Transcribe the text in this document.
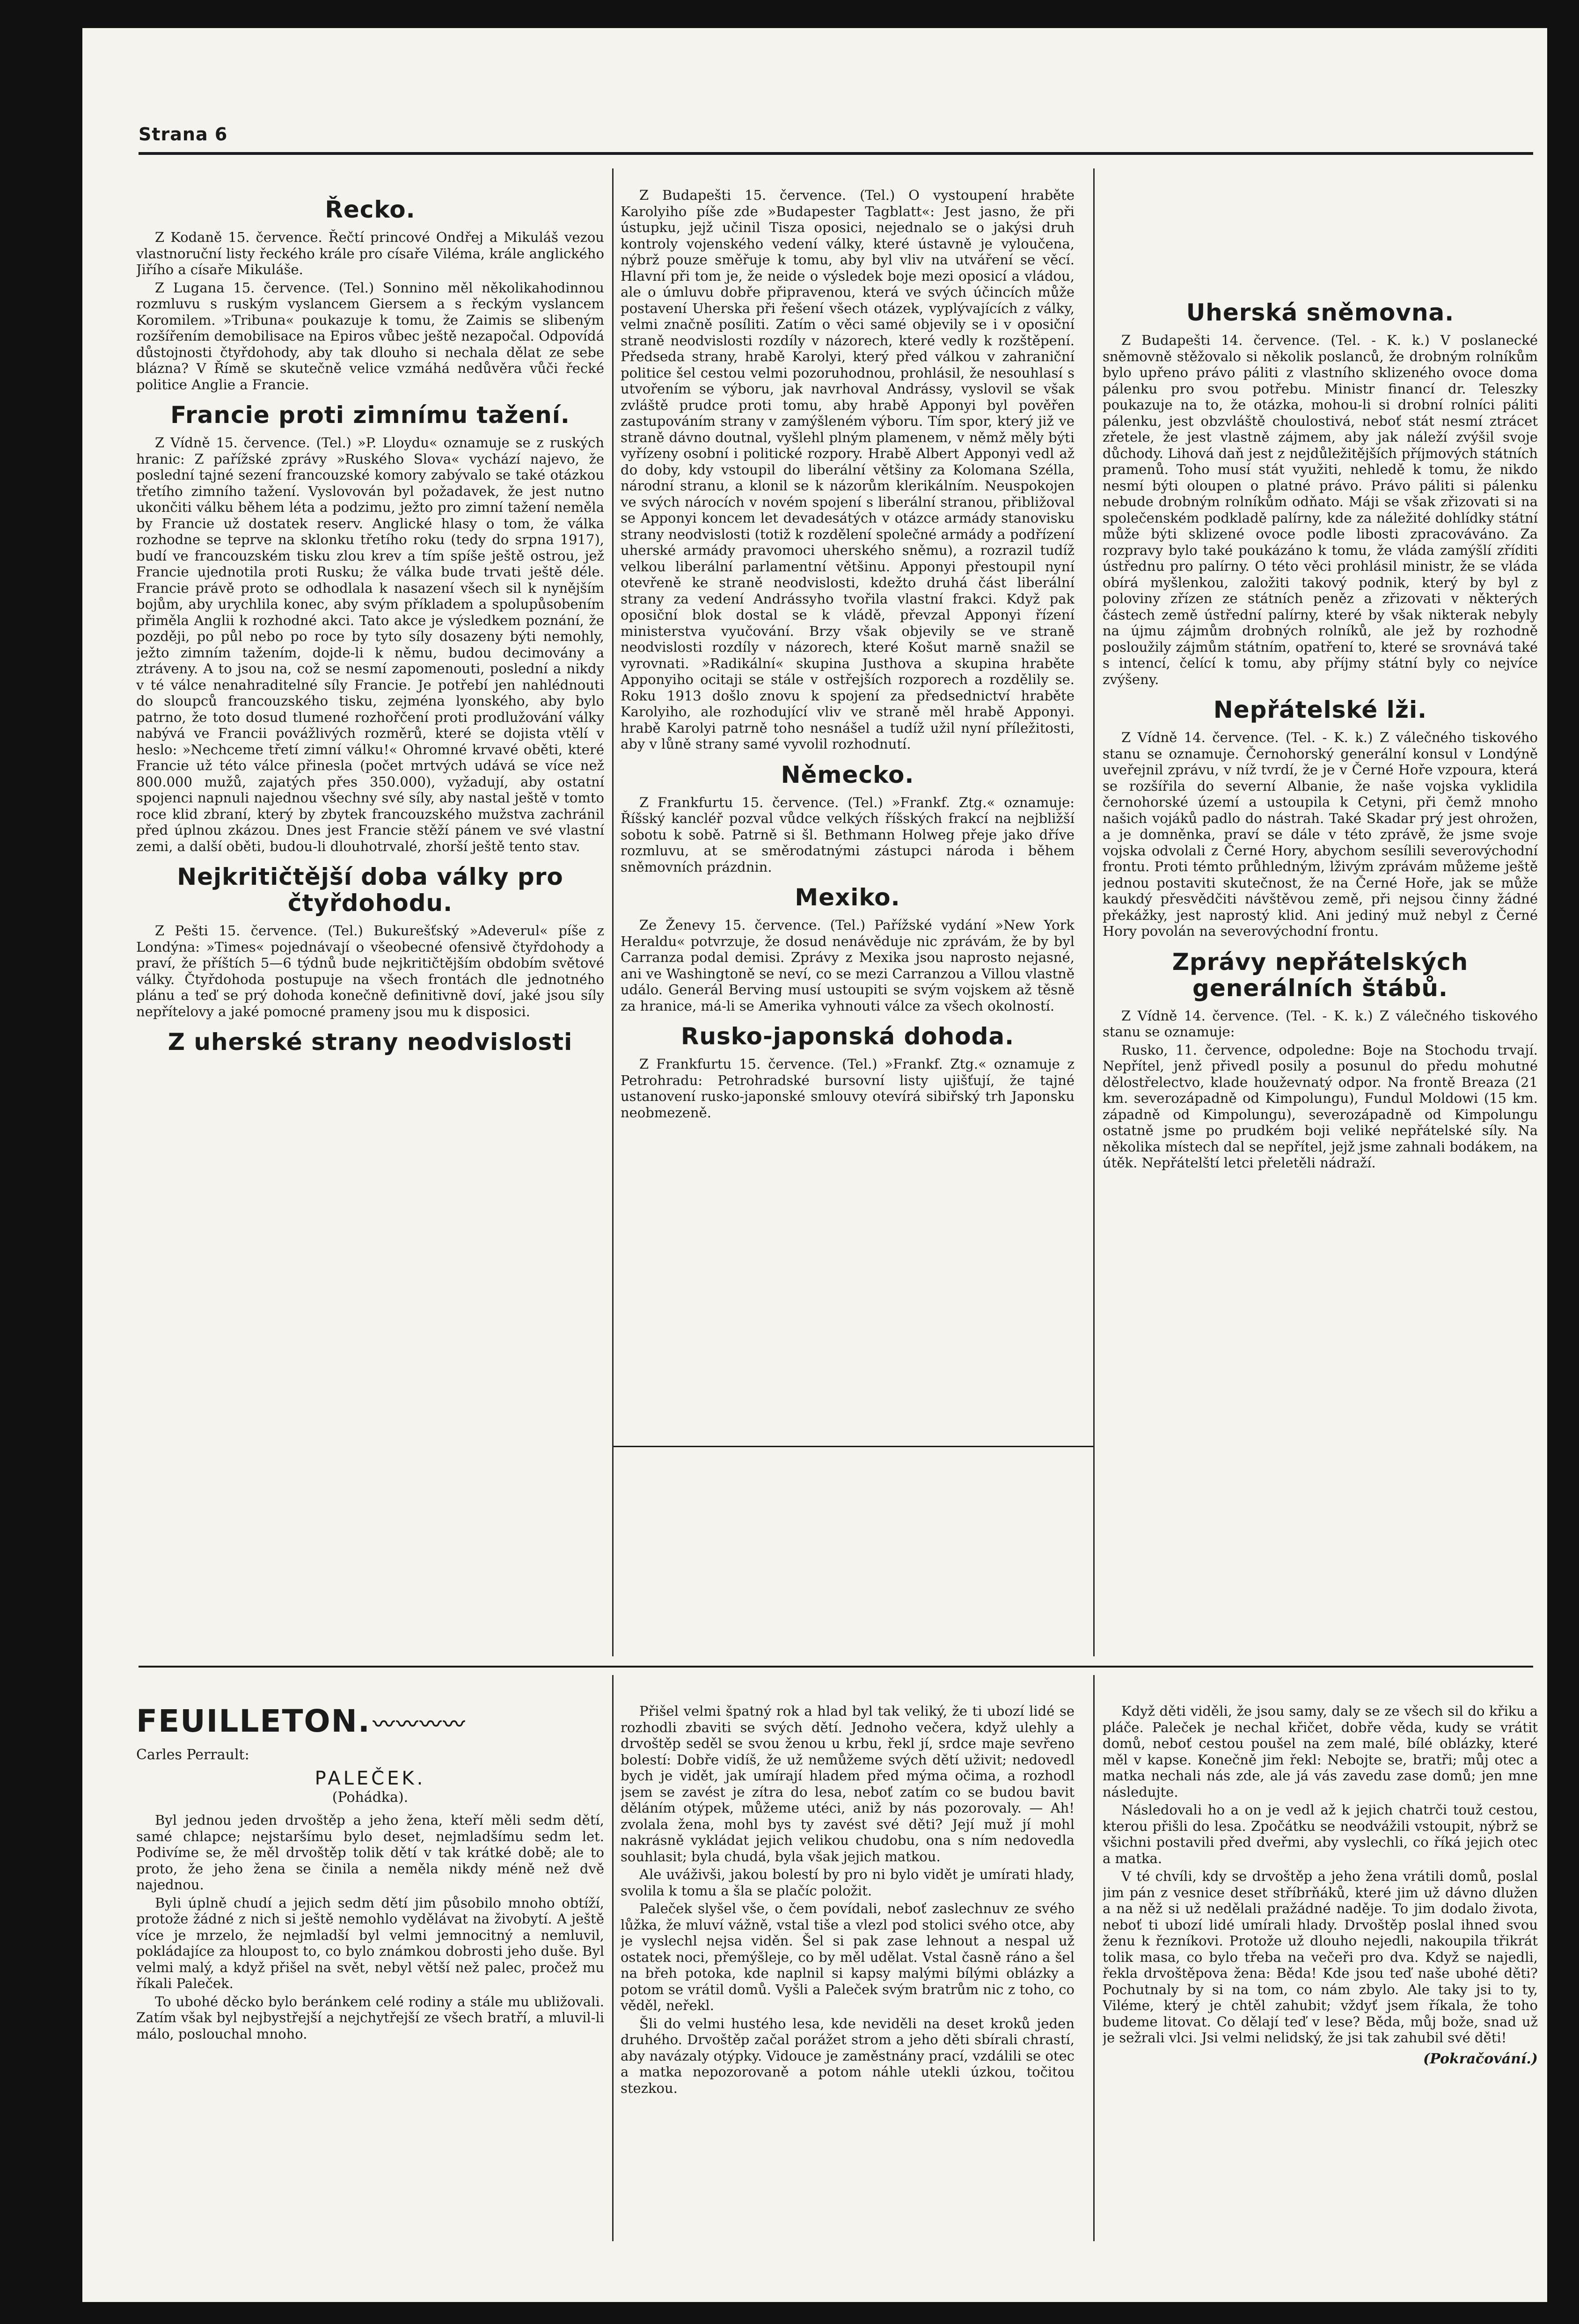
Strana 6
Řecko.

Z Kodaně 15. července. Řečtí princové Ondřej a Mikuláš vezou vlastnoruční listy řeckého krále pro císaře Viléma, krále anglického Jiřího a císaře Mikuláše.

Z Lugana 15. července. (Tel.) Sonnino měl několikahodinnou rozmluvu s ruským vyslancem Giersem a s řeckým vyslancem Koromilem. »Tribuna« poukazuje k tomu, že Zaimis se slibeným rozšířením demobilisace na Epiros vůbec ještě nezapočal. Odpovídá důstojnosti čtyřdohody, aby tak dlouho si nechala dělat ze sebe blázna? V Římě se skutečně velice vzmáhá nedůvěra vůči řecké politice Anglie a Francie.

Francie proti zimnímu tažení.

Z Vídně 15. července. (Tel.) »P. Lloydu« oznamuje se z ruských hranic: Z pařížské zprávy »Ruského Slova« vychází najevo, že poslední tajné sezení francouzské komory zabývalo se také otázkou třetího zimního tažení. Vyslovován byl požadavek, že jest nutno ukončiti válku během léta a podzimu, ježto pro zimní tažení neměla by Francie už dostatek reserv. Anglické hlasy o tom, že válka rozhodne se teprve na sklonku třetího roku (tedy do srpna 1917), budí ve francouzském tisku zlou krev a tím spíše ještě ostrou, jež Francie ujednotila proti Rusku; že válka bude trvati ještě déle. Francie právě proto se odhodlala k nasazení všech sil k nynějším bojům, aby urychlila konec, aby svým příkladem a spolupůsobením přiměla Anglii k rozhodné akci. Tato akce je výsledkem poznání, že později, po půl nebo po roce by tyto síly dosazeny býti nemohly, ježto zimním tažením, dojde-li k němu, budou decimovány a ztráveny. A to jsou na, což se nesmí zapomenouti, poslední a nikdy v té válce nenahraditelné síly Francie. Je potřebí jen nahlédnouti do sloupců francouzského tisku, zejména lyonského, aby bylo patrno, že toto dosud tlumené rozhořčení proti prodlužování války nabývá ve Francii povážlivých rozměrů, které se dojista vtělí v heslo: »Nechceme třetí zimní válku!« Ohromné krvavé oběti, které Francie už této válce přinesla (počet mrtvých udává se více než 800.000 mužů, zajatých přes 350.000), vyžadují, aby ostatní spojenci napnuli najednou všechny své síly, aby nastal ještě v tomto roce klid zbraní, který by zbytek francouzského mužstva zachránil před úplnou zkázou. Dnes jest Francie stěží pánem ve své vlastní zemi, a další oběti, budou-li dlouhotrvalé, zhorší ještě tento stav.

Nejkritičtější doba války pro čtyřdohodu.

Z Pešti 15. července. (Tel.) Bukurešťský »Adeverul« píše z Londýna: »Times« pojednávají o všeobecné ofensivě čtyřdohody a praví, že příštích 5—6 týdnů bude nejkritičtějším obdobím světové války. Čtyřdohoda postupuje na všech frontách dle jednotného plánu a teď se prý dohoda konečně definitivně doví, jaké jsou síly nepřítelovy a jaké pomocné prameny jsou mu k disposici.

Z uherské strany neodvislosti

Z Budapešti 15. července. (Tel.) O vystoupení hraběte Karolyiho píše zde »Budapester Tagblatt«: Jest jasno, že při ústupku, jejž učinil Tisza oposici, nejednalo se o jakýsi druh kontroly vojenského vedení války, které ústavně je vyloučena, nýbrž pouze směřuje k tomu, aby byl vliv na utváření se věcí. Hlavní při tom je, že neide o výsledek boje mezi oposicí a vládou, ale o úmluvu dobře připravenou, která ve svých účincích může postavení Uherska při řešení všech otázek, vyplývajících z války, velmi značně posíliti. Zatím o věci samé objevily se i v oposiční straně neodvislosti rozdíly v názorech, které vedly k rozštěpení. Předseda strany, hrabě Karolyi, který před válkou v zahraniční politice šel cestou velmi pozoruhodnou, prohlásil, že nesouhlasí s utvořením se výboru, jak navrhoval Andrássy, vyslovil se však zvláště prudce proti tomu, aby hrabě Apponyi byl pověřen zastupováním strany v zamýšleném výboru. Tím spor, který již ve straně dávno doutnal, vyšlehl plným plamenem, v němž měly býti vyřízeny osobní i politické rozpory. Hrabě Albert Apponyi vedl až do doby, kdy vstoupil do liberální většiny za Kolomana Szélla, národní stranu, a klonil se k názorům klerikálním. Neuspokojen ve svých nárocích v novém spojení s liberální stranou, přibližoval se Apponyi koncem let devadesátých v otázce armády stanovisku strany neodvislosti (totiž k rozdělení společné armády a podřízení uherské armády pravomoci uherského sněmu), a rozrazil tudíž velkou liberální parlamentní většinu. Apponyi přestoupil nyní otevřeně ke straně neodvislosti, kdežto druhá část liberální strany za vedení Andrássyho tvořila vlastní frakci. Když pak oposiční blok dostal se k vládě, převzal Apponyi řízení ministerstva vyučování. Brzy však objevily se ve straně neodvislosti rozdíly v názorech, které Košut marně snažil se vyrovnati. »Radikální« skupina Justhova a skupina hraběte Apponyiho ocitaji se stále v ostřejších rozporech a rozdělily se. Roku 1913 došlo znovu k spojení za předsednictví hraběte Karolyiho, ale rozhodující vliv ve straně měl hrabě Apponyi. hrabě Karolyi patrně toho nesnášel a tudíž užil nyní příležitosti, aby v lůně strany samé vyvolil rozhodnutí.

Německo.

Z Frankfurtu 15. července. (Tel.) »Frankf. Ztg.« oznamuje: Říšský kancléř pozval vůdce velkých říšských frakcí na nejbližší sobotu k sobě. Patrně si šl. Bethmann Holweg přeje jako dříve rozmluvu, at se směrodatnými zástupci národa i během sněmovních prázdnin.

Mexiko.

Ze Ženevy 15. července. (Tel.) Pařížské vydání »New York Heraldu« potvrzuje, že dosud nenávěduje nic zprávám, že by byl Carranza podal demisi. Zprávy z Mexika jsou naprosto nejasné, ani ve Washingtoně se neví, co se mezi Carranzou a Villou vlastně událo. Generál Berving musí ustoupiti se svým vojskem až těsně za hranice, má-li se Amerika vyhnouti válce za všech okolností.

Rusko-japonská dohoda.

Z Frankfurtu 15. července. (Tel.) »Frankf. Ztg.« oznamuje z Petrohradu: Petrohradské bursovní listy ujišťují, že tajné ustanovení rusko-japonské smlouvy otevírá sibiřský trh Japonsku neobmezeně.

Uherská sněmovna.

Z Budapešti 14. července. (Tel. - K. k.) V poslanecké sněmovně stěžovalo si několik poslanců, že drobným rolníkům bylo upřeno právo páliti z vlastního sklizeného ovoce doma pálenku pro svou potřebu. Ministr financí dr. Teleszky poukazuje na to, že otázka, mohou-li si drobní rolníci páliti pálenku, jest obzvláště choulostivá, neboť stát nesmí ztrácet zřetele, že jest vlastně zájmem, aby jak náleží zvýšil svoje důchody. Lihová daň jest z nejdůležitějších příjmových státních pramenů. Toho musí stát využiti, nehledě k tomu, že nikdo nesmí býti oloupen o platné právo. Právo páliti si pálenku nebude drobným rolníkům odňato. Máji se však zřizovati si na společenském podkladě palírny, kde za náležité dohlídky státní může býti sklizené ovoce podle libosti zpracováváno. Za rozpravy bylo také poukázáno k tomu, že vláda zamýšlí zříditi ústřednu pro palírny. O této věci prohlásil ministr, že se vláda obírá myšlenkou, založiti takový podnik, který by byl z poloviny zřízen ze státních peněz a zřizovati v některých částech země ústřední palírny, které by však nikterak nebyly na újmu zájmům drobných rolníků, ale jež by rozhodně posloužily zájmům státním, opatření to, které se srovnává také s intencí, čelící k tomu, aby příjmy státní byly co nejvíce zvýšeny.

Nepřátelské lži.

Z Vídně 14. července. (Tel. - K. k.) Z válečného tiskového stanu se oznamuje. Černohorský generální konsul v Londýně uveřejnil zprávu, v níž tvrdí, že je v Černé Hoře vzpoura, která se rozšířila do severní Albanie, že naše vojska vyklidila černohorské území a ustoupila k Cetyni, při čemž mnoho našich vojáků padlo do nástrah. Také Skadar prý jest ohrožen, a je domněnka, praví se dále v této zprávě, že jsme svoje vojska odvolali z Černé Hory, abychom sesílili severovýchodní frontu. Proti témto průhledným, lživým zprávám můžeme ještě jednou postaviti skutečnost, že na Černé Hoře, jak se může kaukdý přesvědčiti návštěvou země, při nejsou činny žádné překážky, jest naprostý klid. Ani jediný muž nebyl z Černé Hory povolán na severovýchodní frontu.

Zprávy nepřátelských generálních štábů.

Z Vídně 14. července. (Tel. - K. k.) Z válečného tiskového stanu se oznamuje:

Rusko, 11. července, odpoledne: Boje na Stochodu trvají. Nepřítel, jenž přivedl posily a posunul do předu mohutné dělostřelectvo, klade houževnatý odpor. Na frontě Breaza (21 km. severozápadně od Kimpolungu), Fundul Moldowi (15 km. západně od Kimpolungu), severozápadně od Kimpolungu ostatně jsme po prudkém boji veliké nepřátelské síly. Na několika místech dal se nepřítel, jejž jsme zahnali bodákem, na útěk. Nepřátelští letci přeletěli nádraží.

FEUILLETON. 〰〰〰〰

Carles Perrault:

PALEČEK.

(Pohádka).

Byl jednou jeden drvoštěp a jeho žena, kteří měli sedm dětí, samé chlapce; nejstaršímu bylo deset, nejmladšímu sedm let. Podivíme se, že měl drvoštěp tolik dětí v tak krátké době; ale to proto, že jeho žena se činila a neměla nikdy méně než dvě najednou.

Byli úplně chudí a jejich sedm dětí jim působilo mnoho obtíží, protože žádné z nich si ještě nemohlo vydělávat na živobytí. A ještě více je mrzelo, že nejmladší byl velmi jemnocitný a nemluvil, pokládajíce za hloupost to, co bylo známkou dobrosti jeho duše. Byl velmi malý, a když přišel na svět, nebyl větší než palec, pročež mu říkali Paleček.

To ubohé děcko bylo beránkem celé rodiny a stále mu ubližovali. Zatím však byl nejbystřejší a nejchytřejší ze všech bratří, a mluvil-li málo, poslouchal mnoho.

Přišel velmi špatný rok a hlad byl tak veliký, že ti ubozí lidé se rozhodli zbaviti se svých dětí. Jednoho večera, když ulehly a drvoštěp seděl se svou ženou u krbu, řekl jí, srdce maje sevřeno bolestí: Dobře vidíš, že už nemůžeme svých dětí uživit; nedovedl bych je vidět, jak umírají hladem před mýma očima, a rozhodl jsem se zavést je zítra do lesa, neboť zatím co se budou bavit děláním otýpek, můžeme utéci, aniž by nás pozorovaly. — Ah! zvolala žena, mohl bys ty zavést své děti? Její muž jí mohl nakrásně vykládat jejich velikou chudobu, ona s ním nedovedla souhlasit; byla chudá, byla však jejich matkou.

Ale uváživši, jakou bolestí by pro ni bylo vidět je umírati hlady, svolila k tomu a šla se plačíc položit.

Paleček slyšel vše, o čem povídali, neboť zaslechnuv ze svého lůžka, že mluví vážně, vstal tiše a vlezl pod stolici svého otce, aby je vyslechl nejsa viděn. Šel si pak zase lehnout a nespal už ostatek noci, přemýšleje, co by měl udělat. Vstal časně ráno a šel na břeh potoka, kde naplnil si kapsy malými bílými oblázky a potom se vrátil domů. Vyšli a Paleček svým bratrům nic z toho, co věděl, neřekl.

Šli do velmi hustého lesa, kde neviděli na deset kroků jeden druhého. Drvoštěp začal porážet strom a jeho děti sbírali chrastí, aby navázaly otýpky. Vidouce je zaměstnány prací, vzdálili se otec a matka nepozorovaně a potom náhle utekli úzkou, točitou stezkou.

Když děti viděli, že jsou samy, daly se ze všech sil do křiku a pláče. Paleček je nechal křičet, dobře věda, kudy se vrátit domů, neboť cestou poušel na zem malé, bílé oblázky, které měl v kapse. Konečně jim řekl: Nebojte se, bratři; můj otec a matka nechali nás zde, ale já vás zavedu zase domů; jen mne následujte.

Následovali ho a on je vedl až k jejich chatrči touž cestou, kterou přišli do lesa. Zpočátku se neodvážili vstoupit, nýbrž se všichni postavili před dveřmi, aby vyslechli, co říká jejich otec a matka.

V té chvíli, kdy se drvoštěp a jeho žena vrátili domů, poslal jim pán z vesnice deset stříbrňáků, které jim už dávno dlužen a na něž si už nedělali pražádné naděje. To jim dodalo života, neboť ti ubozí lidé umírali hlady. Drvoštěp poslal ihned svou ženu k řezníkovi. Protože už dlouho nejedli, nakoupila třikrát tolik masa, co bylo třeba na večeři pro dva. Když se najedli, řekla drvoštěpova žena: Běda! Kde jsou teď naše ubohé děti? Pochutnaly by si na tom, co nám zbylo. Ale taky jsi to ty, Viléme, který je chtěl zahubit; vždyť jsem říkala, že toho budeme litovat. Co dělají teď v lese? Běda, můj bože, snad už je sežrali vlci. Jsi velmi nelidský, že jsi tak zahubil své děti!

(Pokračování.)
